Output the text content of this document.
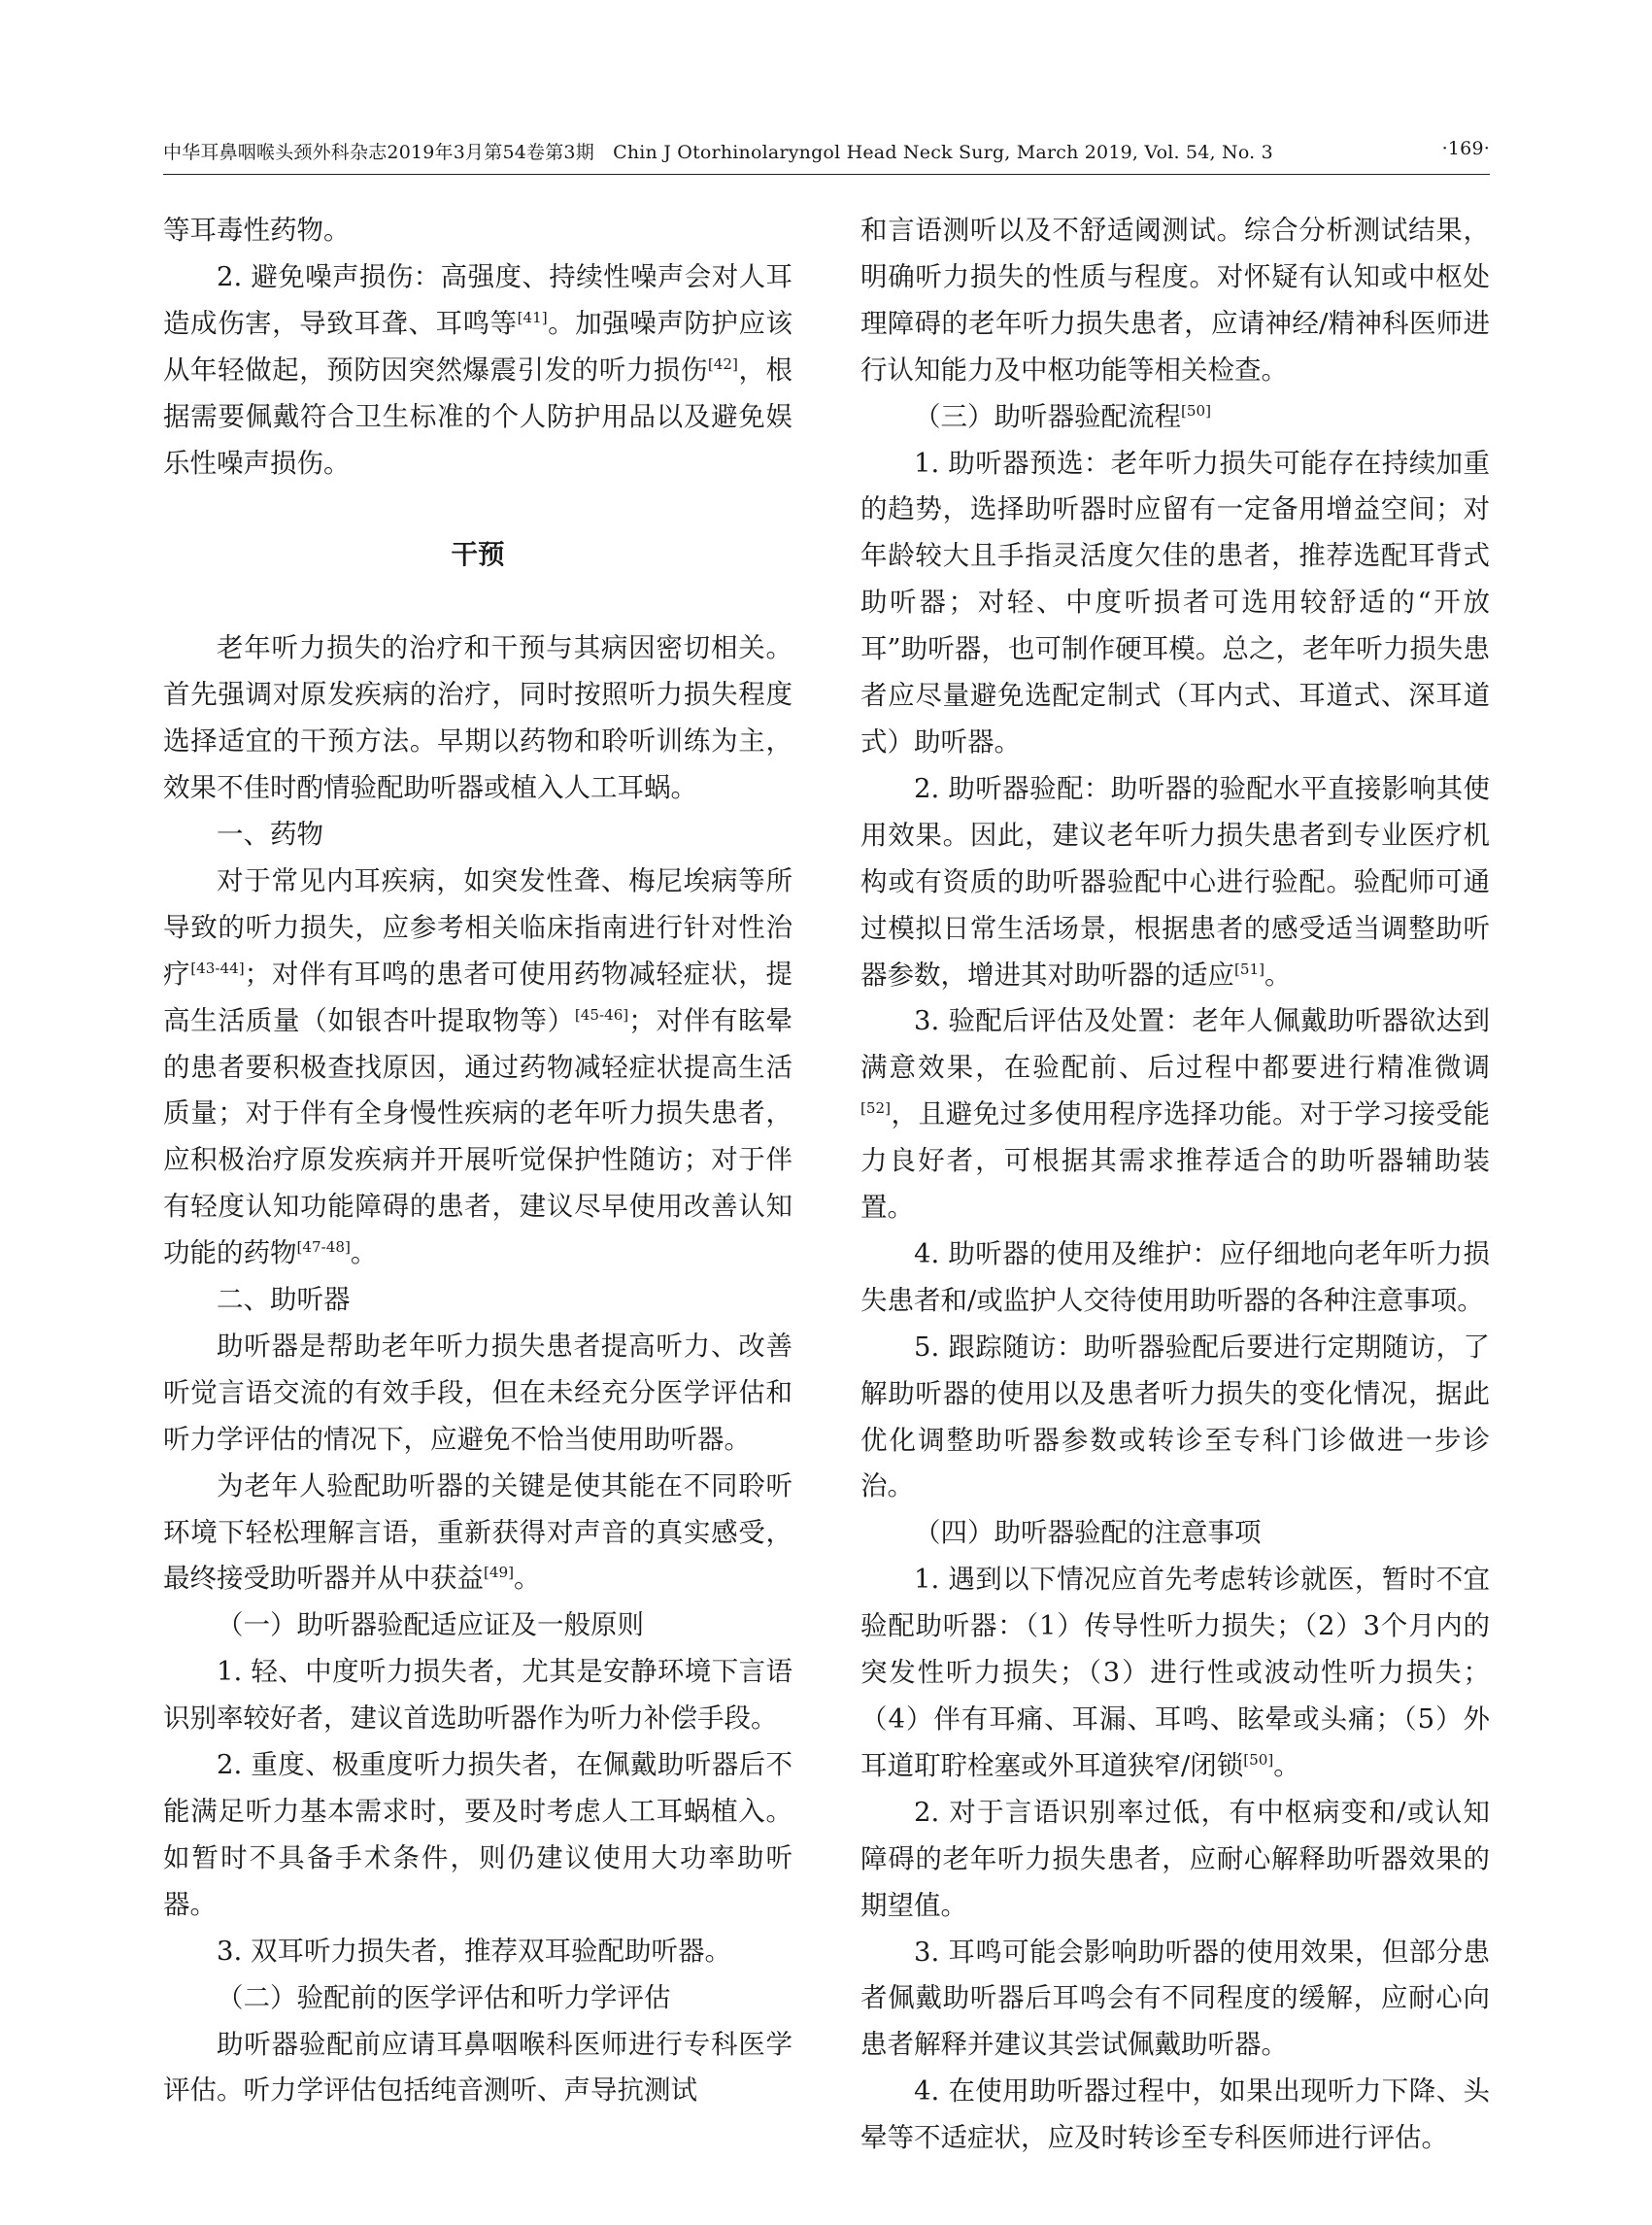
中华耳鼻咽喉头颈外科杂志2019年3月第54卷第3期　Chin J Otorhinolaryngol Head Neck Surg, March 2019, Vol. 54, No. 3	·169·

等耳毒性药物。

2. 避免噪声损伤：高强度、持续性噪声会对人耳造成伤害，导致耳聋、耳鸣等[41]。加强噪声防护应该从年轻做起，预防因突然爆震引发的听力损伤[42]，根据需要佩戴符合卫生标准的个人防护用品以及避免娱乐性噪声损伤。

干预

老年听力损失的治疗和干预与其病因密切相关。首先强调对原发疾病的治疗，同时按照听力损失程度选择适宜的干预方法。早期以药物和聆听训练为主，效果不佳时酌情验配助听器或植入人工耳蜗。

一、药物

对于常见内耳疾病，如突发性聋、梅尼埃病等所导致的听力损失，应参考相关临床指南进行针对性治疗[43-44]；对伴有耳鸣的患者可使用药物减轻症状，提高生活质量（如银杏叶提取物等）[45-46]；对伴有眩晕的患者要积极查找原因，通过药物减轻症状提高生活质量；对于伴有全身慢性疾病的老年听力损失患者，应积极治疗原发疾病并开展听觉保护性随访；对于伴有轻度认知功能障碍的患者，建议尽早使用改善认知功能的药物[47-48]。

二、助听器

助听器是帮助老年听力损失患者提高听力、改善听觉言语交流的有效手段，但在未经充分医学评估和听力学评估的情况下，应避免不恰当使用助听器。

为老年人验配助听器的关键是使其能在不同聆听环境下轻松理解言语，重新获得对声音的真实感受，最终接受助听器并从中获益[49]。

（一）助听器验配适应证及一般原则

1. 轻、中度听力损失者，尤其是安静环境下言语识别率较好者，建议首选助听器作为听力补偿手段。

2. 重度、极重度听力损失者，在佩戴助听器后不能满足听力基本需求时，要及时考虑人工耳蜗植入。如暂时不具备手术条件，则仍建议使用大功率助听器。

3. 双耳听力损失者，推荐双耳验配助听器。

（二）验配前的医学评估和听力学评估

助听器验配前应请耳鼻咽喉科医师进行专科医学评估。听力学评估包括纯音测听、声导抗测试

和言语测听以及不舒适阈测试。综合分析测试结果，明确听力损失的性质与程度。对怀疑有认知或中枢处理障碍的老年听力损失患者，应请神经/精神科医师进行认知能力及中枢功能等相关检查。

（三）助听器验配流程[50]

1. 助听器预选：老年听力损失可能存在持续加重的趋势，选择助听器时应留有一定备用增益空间；对年龄较大且手指灵活度欠佳的患者，推荐选配耳背式助听器；对轻、中度听损者可选用较舒适的“开放耳”助听器，也可制作硬耳模。总之，老年听力损失患者应尽量避免选配定制式（耳内式、耳道式、深耳道式）助听器。

2. 助听器验配：助听器的验配水平直接影响其使用效果。因此，建议老年听力损失患者到专业医疗机构或有资质的助听器验配中心进行验配。验配师可通过模拟日常生活场景，根据患者的感受适当调整助听器参数，增进其对助听器的适应[51]。

3. 验配后评估及处置：老年人佩戴助听器欲达到满意效果，在验配前、后过程中都要进行精准微调[52]，且避免过多使用程序选择功能。对于学习接受能力良好者，可根据其需求推荐适合的助听器辅助装置。

4. 助听器的使用及维护：应仔细地向老年听力损失患者和/或监护人交待使用助听器的各种注意事项。

5. 跟踪随访：助听器验配后要进行定期随访，了解助听器的使用以及患者听力损失的变化情况，据此优化调整助听器参数或转诊至专科门诊做进一步诊治。

（四）助听器验配的注意事项

1. 遇到以下情况应首先考虑转诊就医，暂时不宜验配助听器：（1）传导性听力损失；（2）3个月内的突发性听力损失；（3）进行性或波动性听力损失；（4）伴有耳痛、耳漏、耳鸣、眩晕或头痛；（5）外耳道耵聍栓塞或外耳道狭窄/闭锁[50]。

2. 对于言语识别率过低，有中枢病变和/或认知障碍的老年听力损失患者，应耐心解释助听器效果的期望值。

3. 耳鸣可能会影响助听器的使用效果，但部分患者佩戴助听器后耳鸣会有不同程度的缓解，应耐心向患者解释并建议其尝试佩戴助听器。

4. 在使用助听器过程中，如果出现听力下降、头晕等不适症状，应及时转诊至专科医师进行评估。
